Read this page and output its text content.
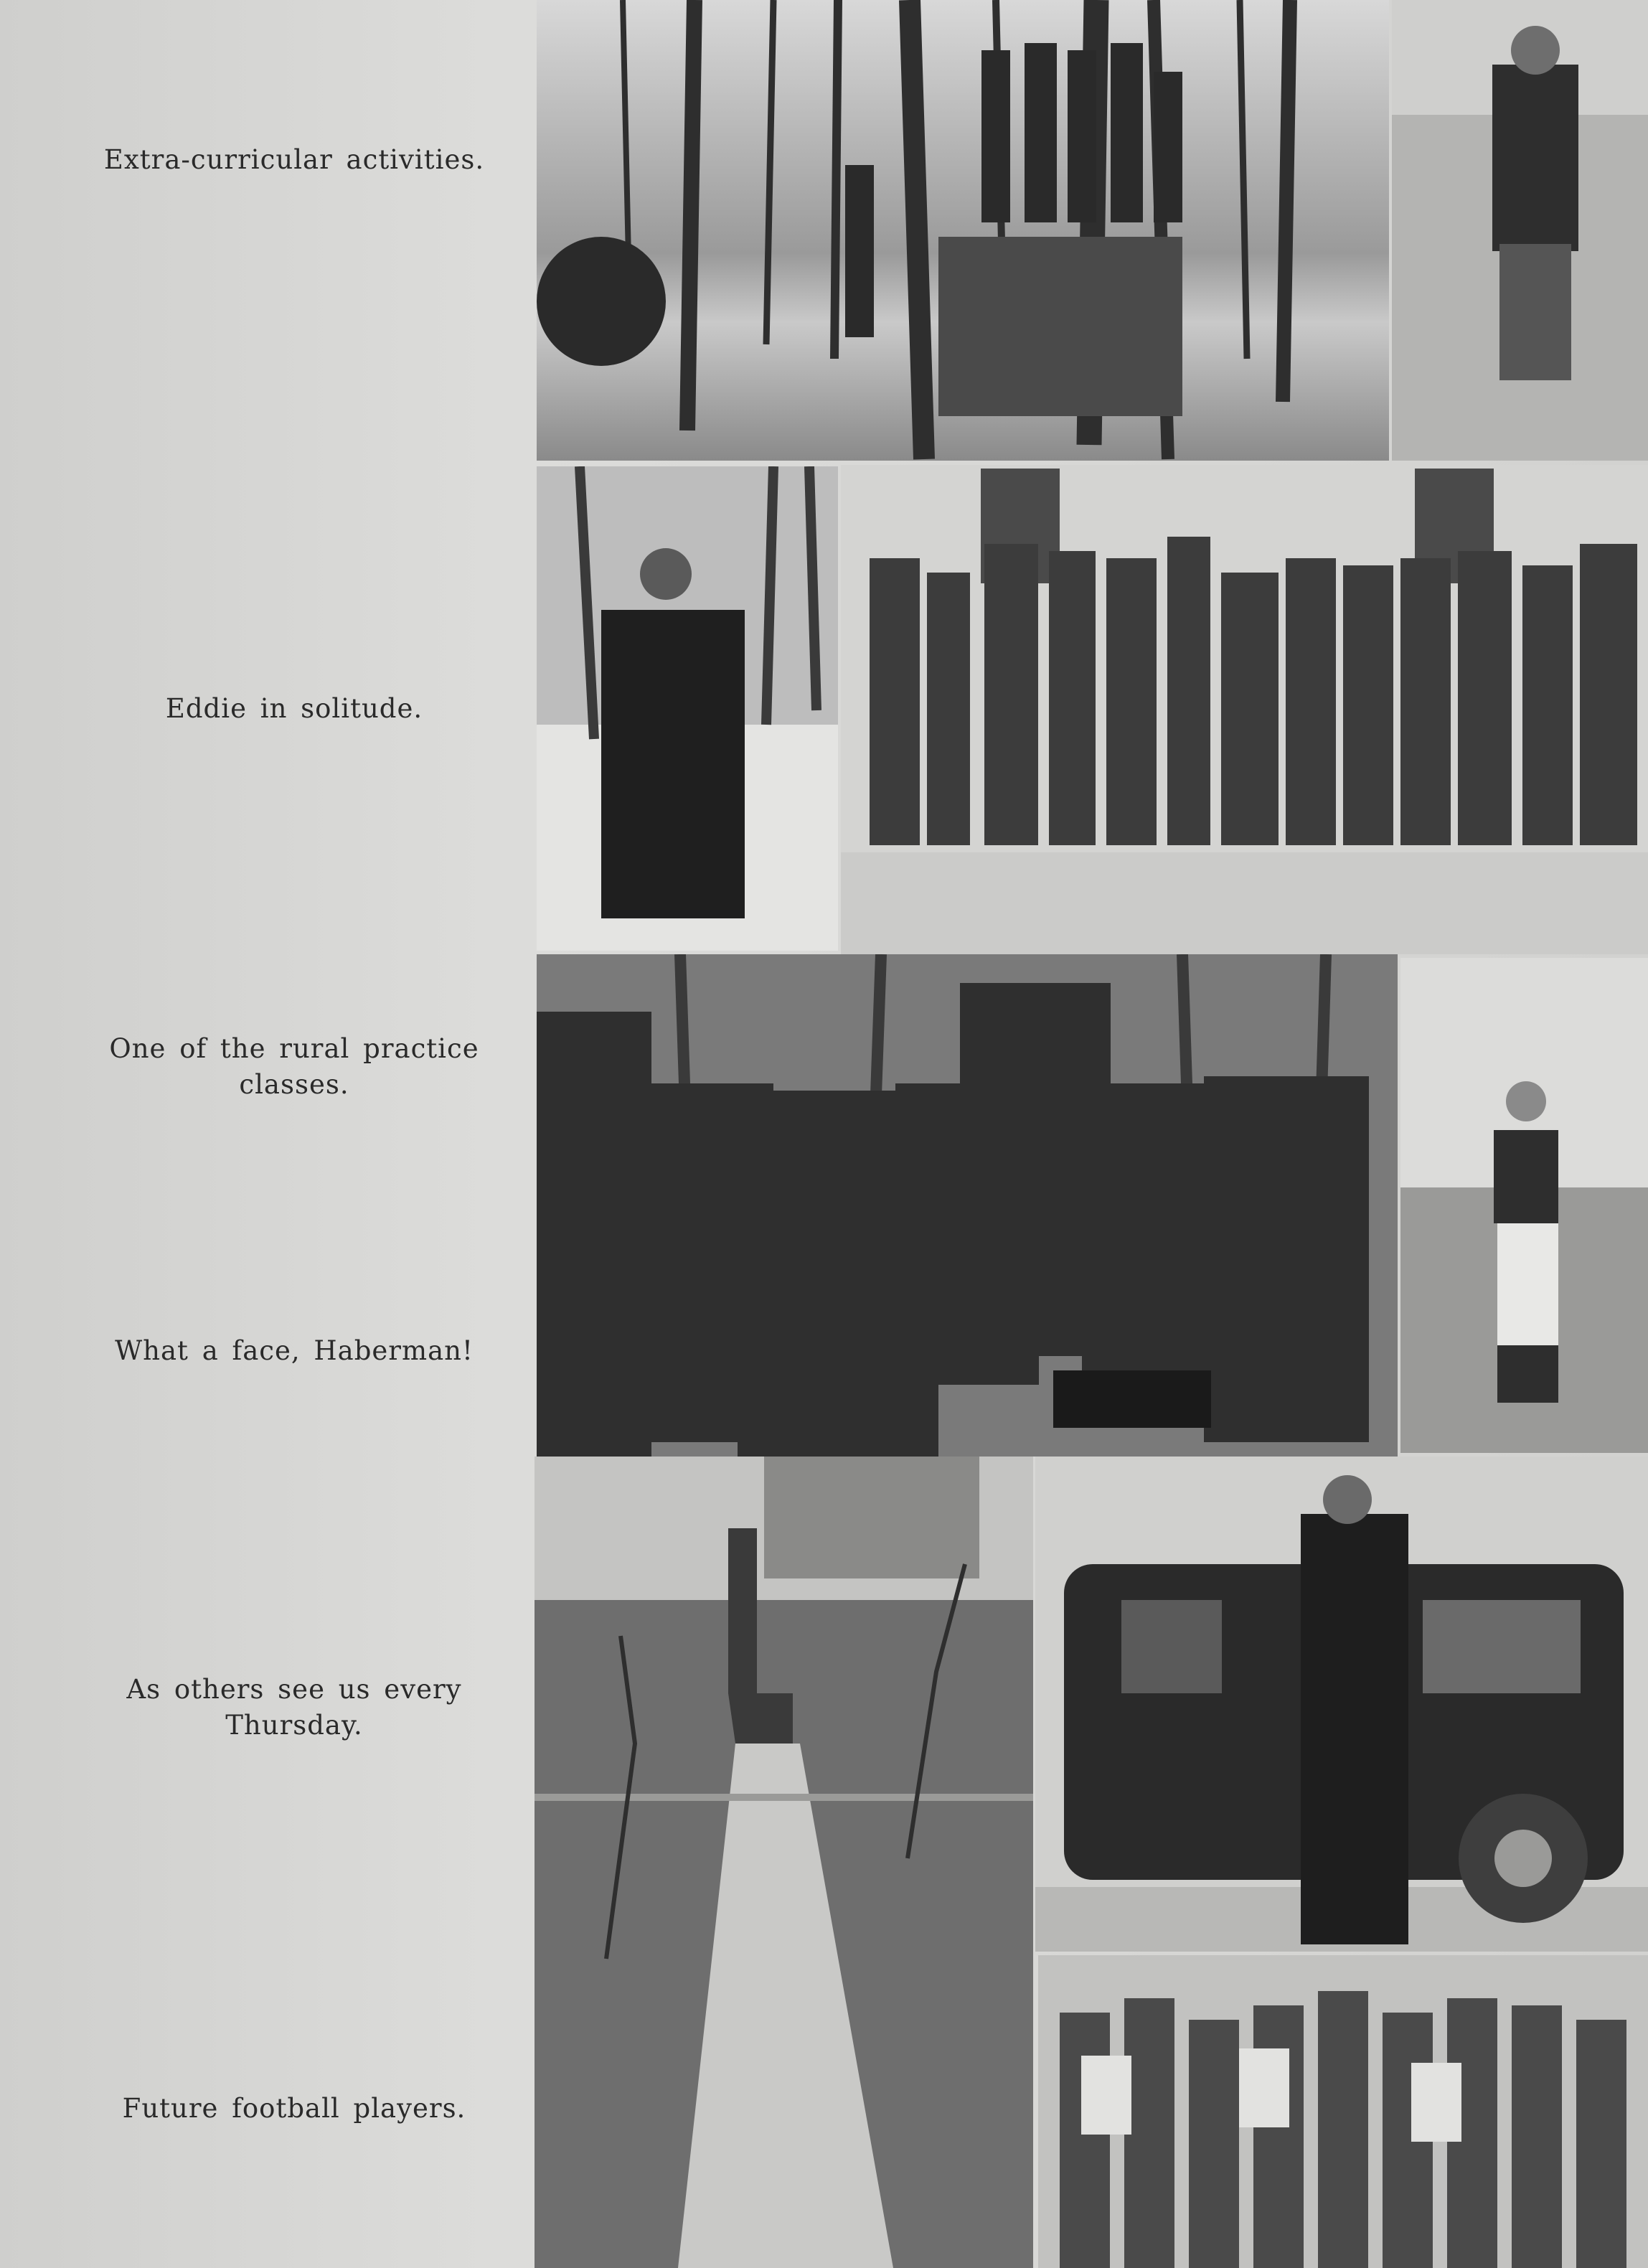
Extra-curricular activities.
Eddie in solitude.
One of the rural practice classes.
What a face, Haberman!
As others see us every Thursday.
Future football players.
